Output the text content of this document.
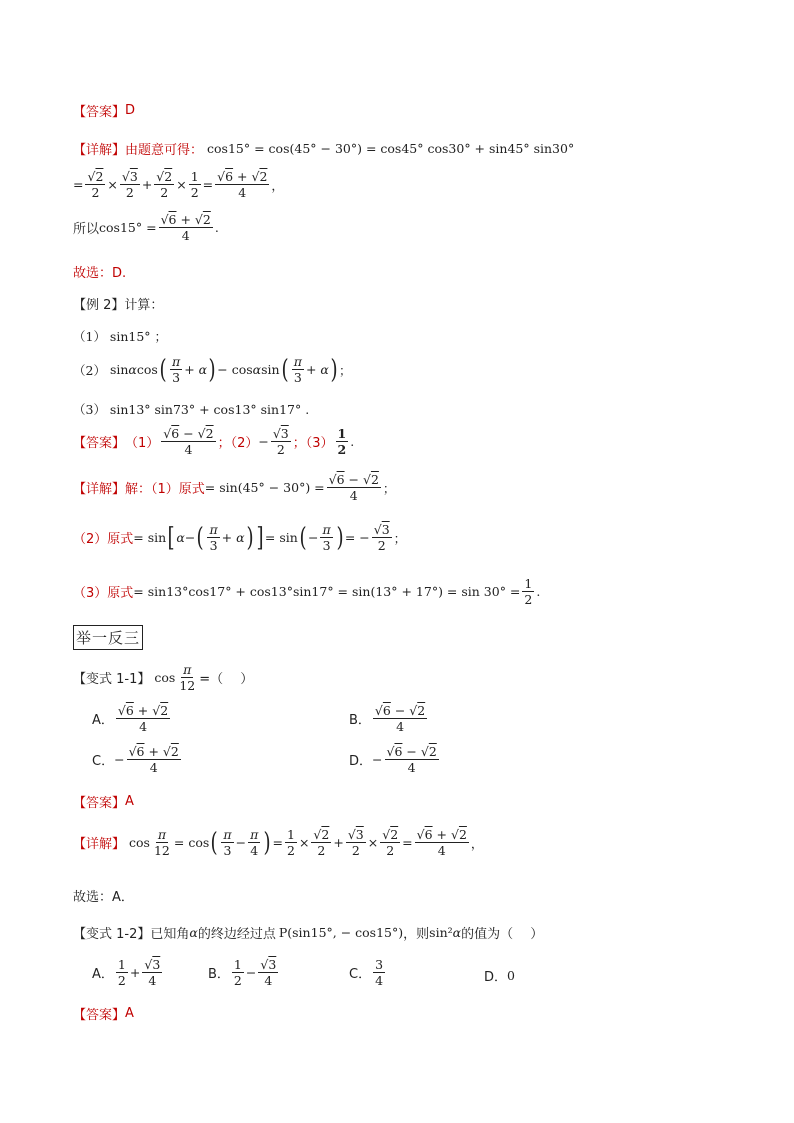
【答案】 D
【详解】 由题意可得： cos15° = cos(45° − 30°) = cos45° cos30° + sin45° sin30°
= $\frac{√2}{2} \times \frac{√3}{2} + \frac{√2}{2} \times \frac{1}{2} = \frac{√6 + √2}{4}$ ，
所以 $\cos 15^\circ = \frac{√6 + √2}{4}$ .
故选：D.
【例 2】计算：
（1） sin15° ；
（2） sinαcos ( $\frac{\pi}{3} + \alpha$ ) − cosαsin ( $\frac{\pi}{3} + \alpha$ ) ；
（3） sin13° sin73° + cos13° sin17° .
【答案】 $(1) \frac{√6 - √2}{4}$ ；$(2) - \frac{√3}{2}$ ；$(3) \frac{1}{2}$ .
【详解】 解：（1）原式 = $\sin(45^\circ - 30^\circ) = \frac{√6 - √2}{4}$ ；
（2）原式 = sin [ α − ( $\frac{\pi}{3} + \alpha$ ) ] = sin ( − $\frac{\pi}{3}$ ) = − $\frac{√3}{2}$ ；
（3）原式 = $\sin 13^\circ\cos 17^\circ + \cos 13^\circ\sin 17^\circ = \sin(13^\circ + 17^\circ) = \sin 30^\circ = \frac{1}{2}$ .
举一反三
【变式 1-1】 $\cos \frac{\pi}{12}$ =（　 ）
A． $\frac{√6 + √2}{4}$	B． $\frac{√6 - √2}{4}$
C． − $\frac{√6 + √2}{4}$	D． − $\frac{√6 - √2}{4}$
【答案】 A
【详解】 $\cos \frac{\pi}{12} = \cos$ ( $\frac{\pi}{3} - \frac{\pi}{4}$ ) = $\frac{1}{2} \times \frac{√2}{2} + \frac{√3}{2} \times \frac{√2}{2} = \frac{√6 + √2}{4}$ ，
故选：A．
【变式 1-2】 已知角 α 的终边经过点 P(sin15°, − cos15°) ，则 sin²α 的值为（　 ）
A． $\frac{1}{2} + \frac{√3}{4}$	B． $\frac{1}{2} - \frac{√3}{4}$	C． $\frac{3}{4}$	D． 0
【答案】 A
